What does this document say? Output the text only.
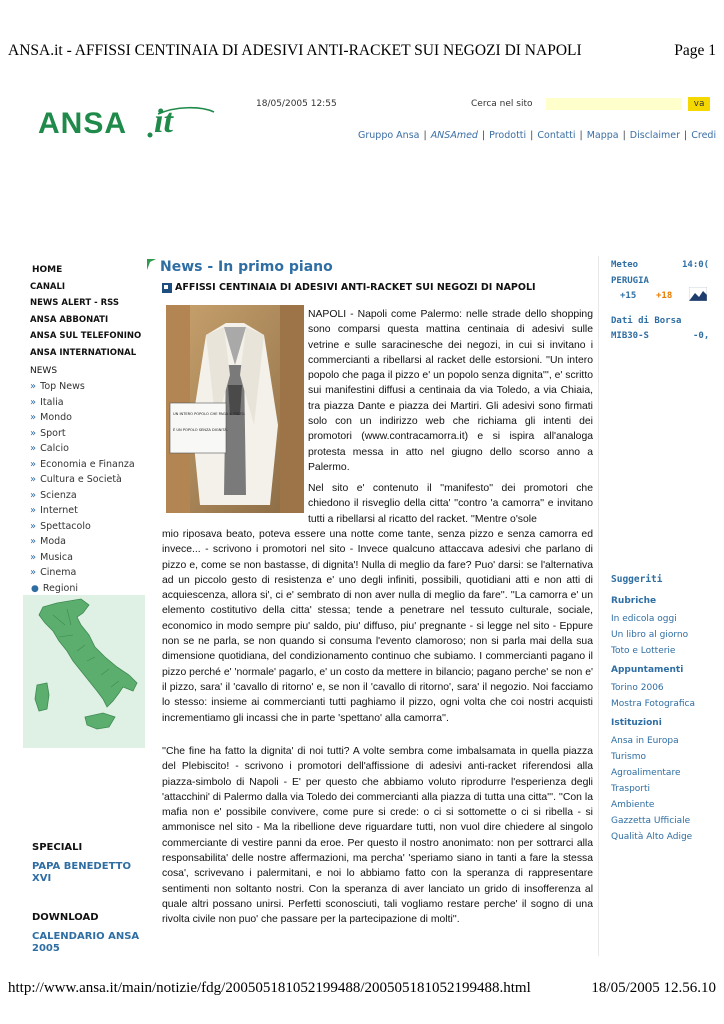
ANSA.it - AFFISSI CENTINAIA DI ADESIVI ANTI-RACKET SUI NEGOZI DI NAPOLI	Page 1
http://www.ansa.it/main/notizie/fdg/200505181052199488/200505181052199488.html	18/05/2005 12.56.10
ANSA it	18/05/2005 12:55	Cerca nel sito	va
Gruppo Ansa | ANSAmed | Prodotti | Contatti | Mappa | Disclaimer | Credi
HOME
CANALI
NEWS ALERT - RSS
ANSA ABBONATI
ANSA SUL TELEFONINO
ANSA INTERNATIONAL
NEWS
» Top News
» Italia
» Mondo
» Sport
» Calcio
» Economia e Finanza
» Cultura e Società
» Scienza
» Internet
» Spettacolo
» Moda
» Musica
» Cinema
● Regioni
SPECIALI
PAPA BENEDETTO XVI
DOWNLOAD
CALENDARIO ANSA 2005
News - In primo piano
AFFISSI CENTINAIA DI ADESIVI ANTI-RACKET SUI NEGOZI DI NAPOLI
UN INTERO POPOLO CHE PAGA IL PIZZO.
È UN POPOLO SENZA DIGNITÀ.
NAPOLI - Napoli come Palermo: nelle strade dello shopping sono comparsi questa mattina centinaia di adesivi sulle vetrine e sulle saracinesche dei negozi, in cui si invitano i commercianti a ribellarsi al racket delle estorsioni. ''Un intero popolo che paga il pizzo e' un popolo senza dignita''', e' scritto sui manifestini diffusi a centinaia da via Toledo, a via Chiaia, tra piazza Dante e piazza dei Martiri. Gli adesivi sono firmati solo con un indirizzo web che richiama gli intenti dei promotori (www.contracamorra.it) e si ispira all'analoga protesta messa in atto nel giugno dello scorso anno a Palermo.
Nel sito e' contenuto il ''manifesto'' dei promotori che chiedono il risveglio della citta' ''contro 'a camorra'' e invitano tutti a ribellarsi al ricatto del racket. ''Mentre o'sole
mio riposava beato, poteva essere una notte come tante, senza pizzo e senza camorra ed invece... - scrivono i promotori nel sito - Invece qualcuno attaccava adesivi che parlano di pizzo e, come se non bastasse, di dignita'! Nulla di meglio da fare? Puo' darsi: se l'alternativa ad un piccolo gesto di resistenza e' uno degli infiniti, possibili, quotidiani atti e non atti di acquiescenza, allora si', ci e' sembrato di non aver nulla di meglio da fare''. ''La camorra e' un elemento costitutivo della citta' stessa; tende a penetrare nel tessuto culturale, sociale, economico in modo sempre piu' saldo, piu' diffuso, piu' pregnante - si legge nel sito - Eppure non se ne parla, se non quando si consuma l'evento clamoroso; non si parla mai della sua dimensione quotidiana, del condizionamento continuo che subiamo. I commercianti pagano il pizzo perché e' 'normale' pagarlo, e' un costo da mettere in bilancio; pagano perche' se non e' il pizzo, sara' il 'cavallo di ritorno' e, se non il 'cavallo di ritorno', sara' il negozio. Noi facciamo lo stesso: insieme ai commercianti tutti paghiamo il pizzo, ogni volta che coi nostri acquisti incrementiamo gli incassi che in parte 'spettano' alla camorra''.
''Che fine ha fatto la dignita' di noi tutti? A volte sembra come imbalsamata in quella piazza del Plebiscito! - scrivono i promotori dell'affissione di adesivi anti-racket riferendosi alla piazza-simbolo di Napoli - E' per questo che abbiamo voluto riprodurre l'esperienza degli 'attacchini' di Palermo dalla via Toledo dei commercianti alla piazza di tutta una citta'''. ''Con la mafia non e' possibile convivere, come pure si crede: o ci si sottomette o ci si ribella - si ammonisce nel sito - Ma la ribellione deve riguardare tutti, non vuol dire chiedere al singolo commerciante di vestire panni da eroe. Per questo il nostro anonimato: non per sottrarci alla responsabilita' delle nostre affermazioni, ma percha' 'speriamo siano in tanti a fare la stessa cosa', scrivevano i palermitani, e noi lo abbiamo fatto con la speranza di rappresentare sentimenti non soltanto nostri. Con la speranza di aver lanciato un grido di insofferenza al quale altri possano unirsi. Perfetti sconosciuti, tali vogliamo restare perche' il sogno di una rivolta civile non puo' che passare per la partecipazione di molti''.
Meteo	14:0(
PERUGIA
+15 +18
Dati di Borsa
MIB30-S	-0,
Suggeriti
Rubriche
In edicola oggi
Un libro al giorno
Toto e Lotterie
Appuntamenti
Torino 2006
Mostra Fotografica
Istituzioni
Ansa in Europa
Turismo
Agroalimentare
Trasporti
Ambiente
Gazzetta Ufficiale
Qualità Alto Adige
